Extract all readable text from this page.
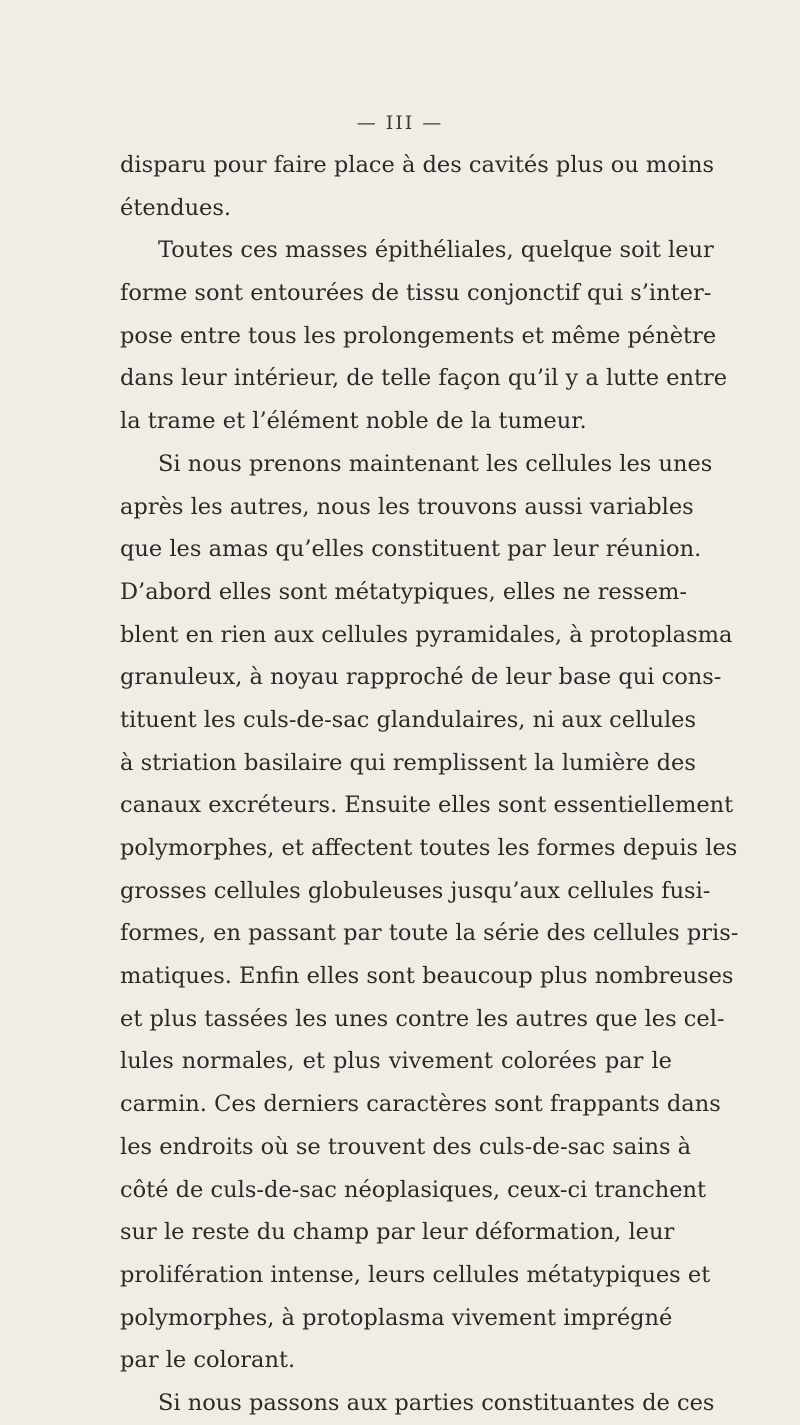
— III —
disparu pour faire place à des cavités plus ou moins
étendues.
Toutes ces masses épithéliales, quelque soit leur
forme sont entourées de tissu conjonctif qui s’inter-
pose entre tous les prolongements et même pénètre
dans leur intérieur, de telle façon qu’il y a lutte entre
la trame et l’élément noble de la tumeur.
Si nous prenons maintenant les cellules les unes
après les autres, nous les trouvons aussi variables
que les amas qu’elles constituent par leur réunion.
D’abord elles sont métatypiques, elles ne ressem-
blent en rien aux cellules pyramidales, à protoplasma
granuleux, à noyau rapproché de leur base qui cons-
tituent les culs-de-sac glandulaires, ni aux cellules
à striation basilaire qui remplissent la lumière des
canaux excréteurs. Ensuite elles sont essentiellement
polymorphes, et affectent toutes les formes depuis les
grosses cellules globuleuses jusqu’aux cellules fusi-
formes, en passant par toute la série des cellules pris-
matiques. Enfin elles sont beaucoup plus nombreuses
et plus tassées les unes contre les autres que les cel-
lules normales, et plus vivement colorées par le
carmin. Ces derniers caractères sont frappants dans
les endroits où se trouvent des culs-de-sac sains à
côté de culs-de-sac néoplasiques, ceux-ci tranchent
sur le reste du champ par leur déformation, leur
prolifération intense, leurs cellules métatypiques et
polymorphes, à protoplasma vivement imprégné
par le colorant.
Si nous passons aux parties constituantes de ces
